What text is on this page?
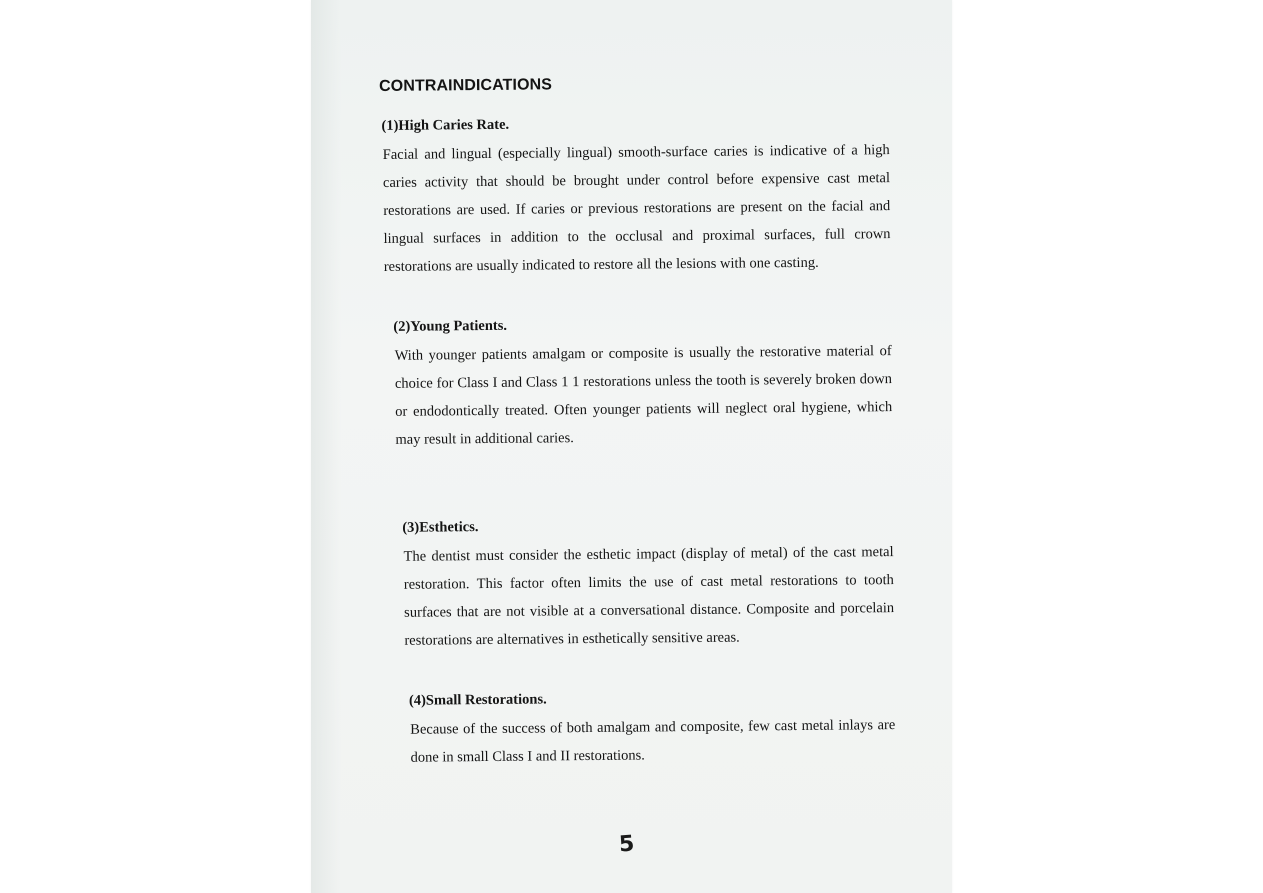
CONTRAINDICATIONS
(1)High Caries Rate.
Facial and lingual (especially lingual) smooth-surface caries is indicative of a high caries activity that should be brought under control before expensive cast metal restorations are used. If caries or previous restorations are present on the facial and lingual surfaces in addition to the occlusal and proximal surfaces, full crown restorations are usually indicated to restore all the lesions with one casting.
(2)Young Patients.
With younger patients amalgam or composite is usually the restorative material of choice for Class I and Class 1 1 restorations unless the tooth is severely broken down or endodontically treated. Often younger patients will neglect oral hygiene, which may result in additional caries.
(3)Esthetics.
The dentist must consider the esthetic impact (display of metal) of the cast metal restoration. This factor often limits the use of cast metal restorations to tooth surfaces that are not visible at a conversational distance. Composite and porcelain restorations are alternatives in esthetically sensitive areas.
(4)Small Restorations.
Because of the success of both amalgam and composite, few cast metal inlays are done in small Class I and II restorations.
5
